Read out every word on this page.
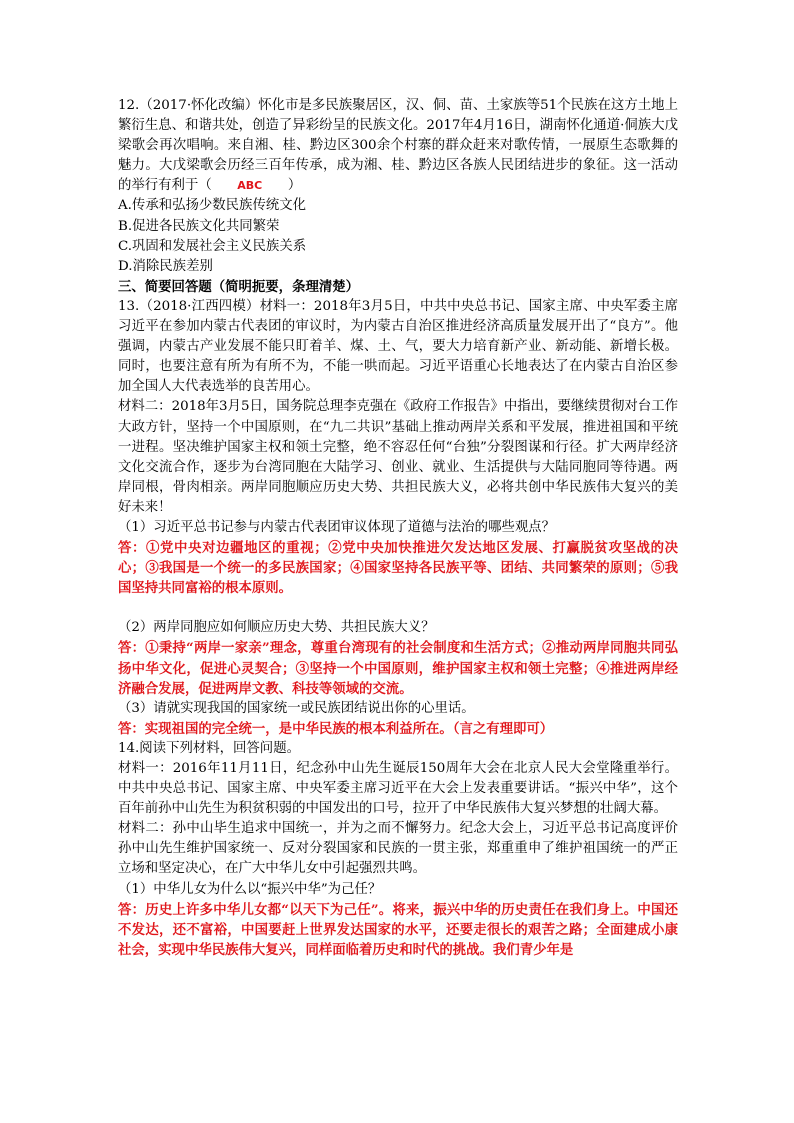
12.（2017·怀化改编）怀化市是多民族聚居区，汉、侗、苗、土家族等51个民族在这方土地上繁衍生息、和谐共处，创造了异彩纷呈的民族文化。2017年4月16日，湖南怀化通道·侗族大戊梁歌会再次唱响。来自湘、桂、黔边区300余个村寨的群众赶来对歌传情，一展原生态歌舞的魅力。大戊梁歌会历经三百年传承，成为湘、桂、黔边区各族人民团结进步的象征。这一活动的举行有利于（ ABC ）

A.传承和弘扬少数民族传统文化

B.促进各民族文化共同繁荣

C.巩固和发展社会主义民族关系

D.消除民族差别

三、简要回答题（简明扼要，条理清楚）

13.（2018·江西四模）材料一：2018年3月5日，中共中央总书记、国家主席、中央军委主席习近平在参加内蒙古代表团的审议时，为内蒙古自治区推进经济高质量发展开出了“良方”。他强调，内蒙古产业发展不能只盯着羊、煤、土、气，要大力培育新产业、新动能、新增长极。同时，也要注意有所为有所不为，不能一哄而起。习近平语重心长地表达了在内蒙古自治区参加全国人大代表选举的良苦用心。

材料二：2018年3月5日，国务院总理李克强在《政府工作报告》中指出，要继续贯彻对台工作大政方针，坚持一个中国原则，在“九二共识”基础上推动两岸关系和平发展，推进祖国和平统一进程。坚决维护国家主权和领土完整，绝不容忍任何“台独”分裂图谋和行径。扩大两岸经济文化交流合作，逐步为台湾同胞在大陆学习、创业、就业、生活提供与大陆同胞同等待遇。两岸同根，骨肉相亲。两岸同胞顺应历史大势、共担民族大义，必将共创中华民族伟大复兴的美好未来！

（1）习近平总书记参与内蒙古代表团审议体现了道德与法治的哪些观点？

答：①党中央对边疆地区的重视；②党中央加快推进欠发达地区发展、打赢脱贫攻坚战的决心；③我国是一个统一的多民族国家；④国家坚持各民族平等、团结、共同繁荣的原则；⑤我国坚持共同富裕的根本原则。

（2）两岸同胞应如何顺应历史大势、共担民族大义？

答：①秉持“两岸一家亲”理念，尊重台湾现有的社会制度和生活方式；②推动两岸同胞共同弘扬中华文化，促进心灵契合；③坚持一个中国原则，维护国家主权和领土完整；④推进两岸经济融合发展，促进两岸文教、科技等领域的交流。

（3）请就实现我国的国家统一或民族团结说出你的心里话。

答：实现祖国的完全统一，是中华民族的根本利益所在。（言之有理即可）

14.阅读下列材料，回答问题。

材料一：2016年11月11日，纪念孙中山先生诞辰150周年大会在北京人民大会堂隆重举行。中共中央总书记、国家主席、中央军委主席习近平在大会上发表重要讲话。“振兴中华”，这个百年前孙中山先生为积贫积弱的中国发出的口号，拉开了中华民族伟大复兴梦想的壮阔大幕。

材料二：孙中山毕生追求中国统一，并为之而不懈努力。纪念大会上，习近平总书记高度评价孙中山先生维护国家统一、反对分裂国家和民族的一贯主张，郑重重申了维护祖国统一的严正立场和坚定决心，在广大中华儿女中引起强烈共鸣。

（1）中华儿女为什么以“振兴中华”为己任？

答：历史上许多中华儿女都“以天下为己任”。将来，振兴中华的历史责任在我们身上。中国还不发达，还不富裕，中国要赶上世界发达国家的水平，还要走很长的艰苦之路；全面建成小康社会，实现中华民族伟大复兴，同样面临着历史和时代的挑战。我们青少年是
